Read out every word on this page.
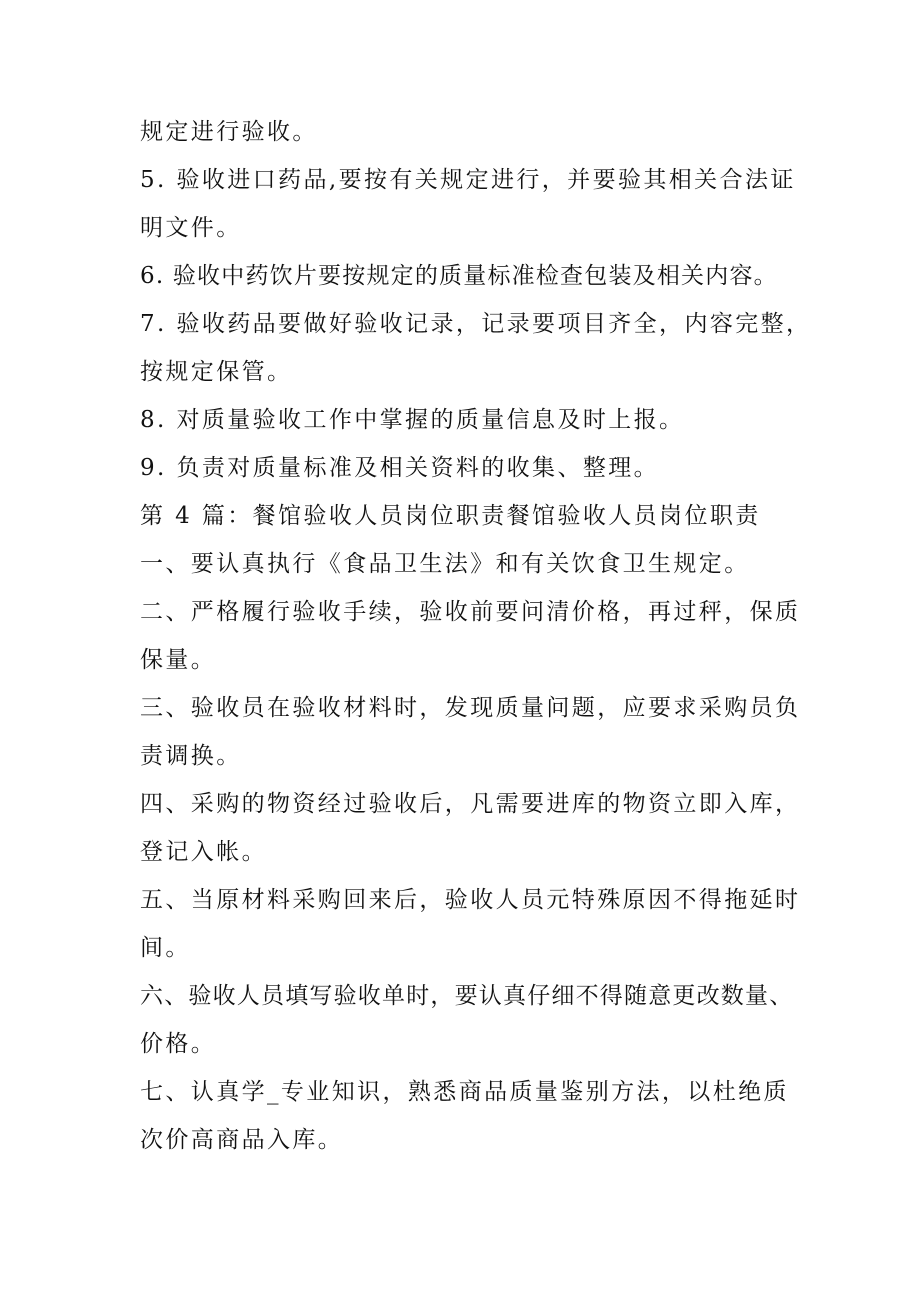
规定进行验收。
5. 验收进口药品,要按有关规定进行，并要验其相关合法证
明文件。
6. 验收中药饮片要按规定的质量标准检查包装及相关内容。
7. 验收药品要做好验收记录，记录要项目齐全，内容完整，
按规定保管。
8. 对质量验收工作中掌握的质量信息及时上报。
9. 负责对质量标准及相关资料的收集、整理。
第 4 篇：餐馆验收人员岗位职责餐馆验收人员岗位职责
一、要认真执行《食品卫生法》和有关饮食卫生规定。
二、严格履行验收手续，验收前要问清价格，再过秤，保质
保量。
三、验收员在验收材料时，发现质量问题，应要求采购员负
责调换。
四、采购的物资经过验收后，凡需要进库的物资立即入库，
登记入帐。
五、当原材料采购回来后，验收人员元特殊原因不得拖延时
间。
六、验收人员填写验收单时，要认真仔细不得随意更改数量、
价格。
七、认真学_专业知识，熟悉商品质量鉴别方法，以杜绝质
次价高商品入库。
